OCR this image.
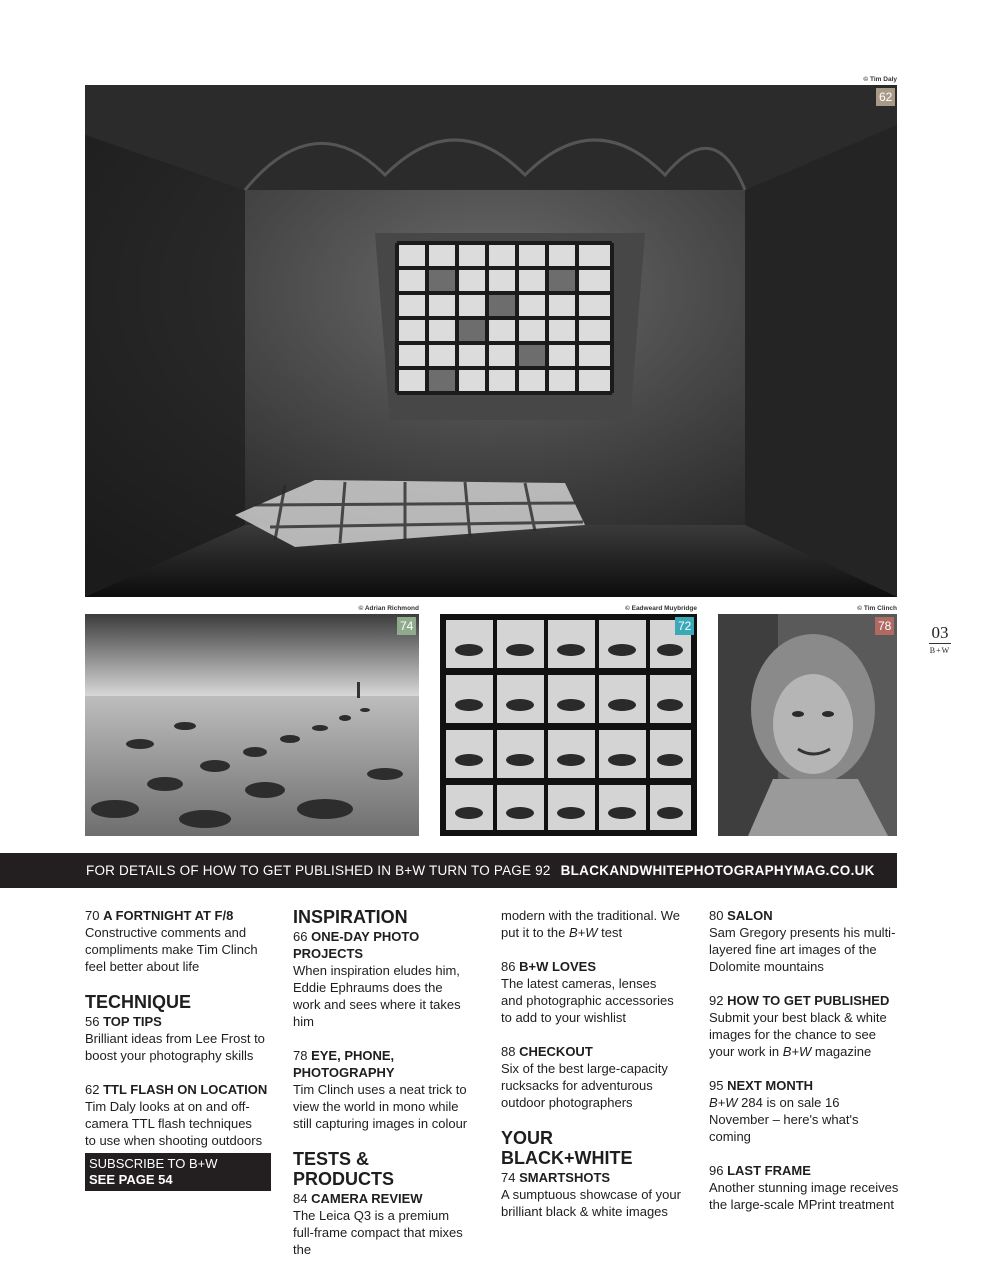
© Tim Daly
62
© Adrian Richmond
74
© Eadweard Muybridge
72
© Tim Clinch
78 03
B+W
FOR DETAILS OF HOW TO GET PUBLISHED IN B+W TURN TO PAGE 92 BLACKANDWHITEPHOTOGRAPHYMAG.CO.UK
70 A FORTNIGHT AT F/8
Constructive comments and compliments make Tim Clinch feel better about life
TECHNIQUE
56 TOP TIPS
Brilliant ideas from Lee Frost to boost your photography skills
62 TTL FLASH ON LOCATION
Tim Daly looks at on and off-camera TTL flash techniques to use when shooting outdoors
SUBSCRIBE TO B+W
SEE PAGE 54
INSPIRATION
66 ONE-DAY PHOTO PROJECTS
When inspiration eludes him, Eddie Ephraums does the work and sees where it takes him
78 EYE, PHONE, PHOTOGRAPHY
Tim Clinch uses a neat trick to view the world in mono while still capturing images in colour
TESTS & PRODUCTS
84 CAMERA REVIEW
The Leica Q3 is a premium full-frame compact that mixes the
modern with the traditional. We put it to the B+W test
86 B+W LOVES
The latest cameras, lenses and photographic accessories to add to your wishlist
88 CHECKOUT
Six of the best large-capacity rucksacks for adventurous outdoor photographers
YOUR BLACK+WHITE
74 SMARTSHOTS
A sumptuous showcase of your brilliant black & white images
80 SALON
Sam Gregory presents his multi-layered fine art images of the Dolomite mountains
92 HOW TO GET PUBLISHED
Submit your best black & white images for the chance to see your work in B+W magazine
95 NEXT MONTH
B+W 284 is on sale 16 November – here's what's coming
96 LAST FRAME
Another stunning image receives the large-scale MPrint treatment
